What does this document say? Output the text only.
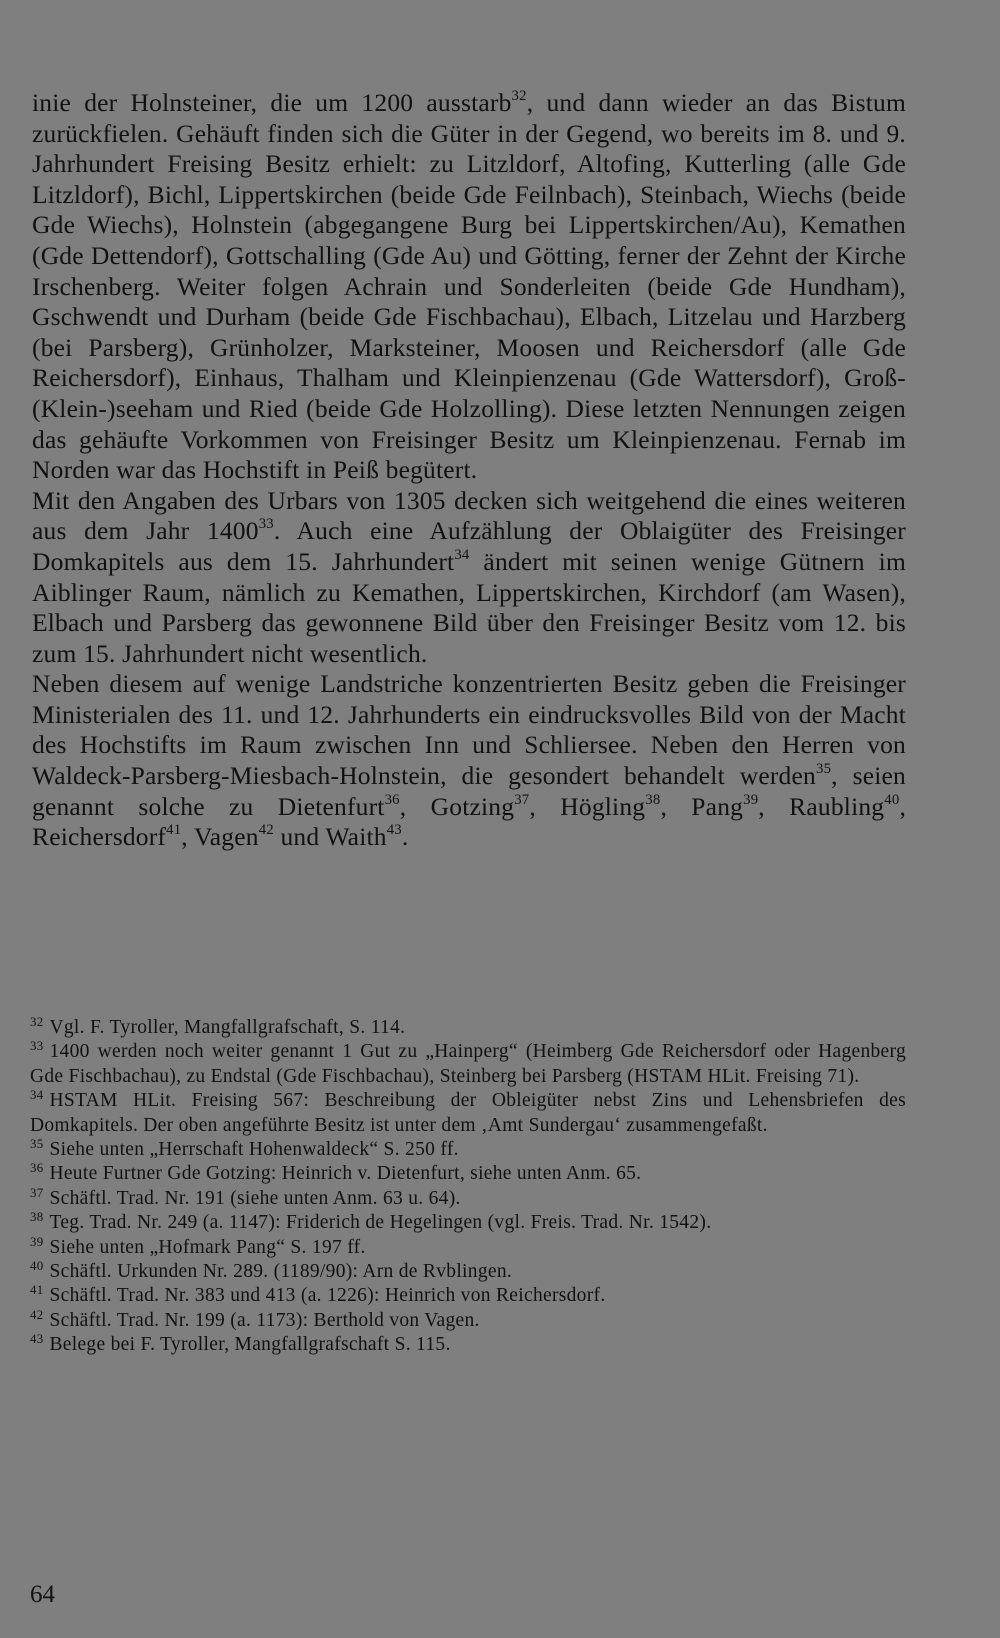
inie der Holnsteiner, die um 1200 ausstarb$^{32}$, und dann wieder an das Bistum zurückfielen. Gehäuft finden sich die Güter in der Gegend, wo bereits im 8. und 9. Jahrhundert Freising Besitz erhielt: zu Litzldorf, Altofing, Kutterling (alle Gde Litzldorf), Bichl, Lippertskirchen (beide Gde Feilnbach), Steinbach, Wiechs (beide Gde Wiechs), Holnstein (abgegangene Burg bei Lippertskirchen/Au), Kemathen (Gde Dettendorf), Gottschalling (Gde Au) und Götting, ferner der Zehnt der Kirche Irschenberg. Weiter folgen Achrain und Sonderleiten (beide Gde Hundham), Gschwendt und Durham (beide Gde Fischbachau), Elbach, Litzelau und Harzberg (bei Parsberg), Grünholzer, Marksteiner, Moosen und Reichersdorf (alle Gde Reichersdorf), Einhaus, Thalham und Kleinpienzenau (Gde Wattersdorf), Groß-(Klein-)seeham und Ried (beide Gde Holzolling). Diese letzten Nennungen zeigen das gehäufte Vorkommen von Freisinger Besitz um Kleinpienzenau. Fernab im Norden war das Hochstift in Peiß begütert.

Mit den Angaben des Urbars von 1305 decken sich weitgehend die eines weiteren aus dem Jahr 1400$^{33}$. Auch eine Aufzählung der Oblaigüter des Freisinger Domkapitels aus dem 15. Jahrhundert$^{34}$ ändert mit seinen wenige Gütnern im Aiblinger Raum, nämlich zu Kemathen, Lippertskirchen, Kirchdorf (am Wasen), Elbach und Parsberg das gewonnene Bild über den Freisinger Besitz vom 12. bis zum 15. Jahrhundert nicht wesentlich.

Neben diesem auf wenige Landstriche konzentrierten Besitz geben die Freisinger Ministerialen des 11. und 12. Jahrhunderts ein eindrucksvolles Bild von der Macht des Hochstifts im Raum zwischen Inn und Schliersee. Neben den Herren von Waldeck-Parsberg-Miesbach-Holnstein, die gesondert behandelt werden$^{35}$, seien genannt solche zu Dietenfurt$^{36}$, Gotzing$^{37}$, Högling$^{38}$, Pang$^{39}$, Raubling$^{40}$, Reichersdorf$^{41}$, Vagen$^{42}$ und Waith$^{43}$.

$^{32}$ Vgl. F. Tyroller, Mangfallgrafschaft, S. 114.

$^{33}$ 1400 werden noch weiter genannt 1 Gut zu „Hainperg“ (Heimberg Gde Reichersdorf oder Hagenberg Gde Fischbachau), zu Endstal (Gde Fischbachau), Steinberg bei Parsberg (HSTAM HLit. Freising 71).

$^{34}$ HSTAM HLit. Freising 567: Beschreibung der Obleigüter nebst Zins und Lehensbriefen des Domkapitels. Der oben angeführte Besitz ist unter dem ‚Amt Sundergau‘ zusammengefaßt.

$^{35}$ Siehe unten „Herrschaft Hohenwaldeck“ S. 250 ff.

$^{36}$ Heute Furtner Gde Gotzing: Heinrich v. Dietenfurt, siehe unten Anm. 65.

$^{37}$ Schäftl. Trad. Nr. 191 (siehe unten Anm. 63 u. 64).

$^{38}$ Teg. Trad. Nr. 249 (a. 1147): Friderich de Hegelingen (vgl. Freis. Trad. Nr. 1542).

$^{39}$ Siehe unten „Hofmark Pang“ S. 197 ff.

$^{40}$ Schäftl. Urkunden Nr. 289. (1189/90): Arn de Rvblingen.

$^{41}$ Schäftl. Trad. Nr. 383 und 413 (a. 1226): Heinrich von Reichersdorf.

$^{42}$ Schäftl. Trad. Nr. 199 (a. 1173): Berthold von Vagen.

$^{43}$ Belege bei F. Tyroller, Mangfallgrafschaft S. 115.

64
